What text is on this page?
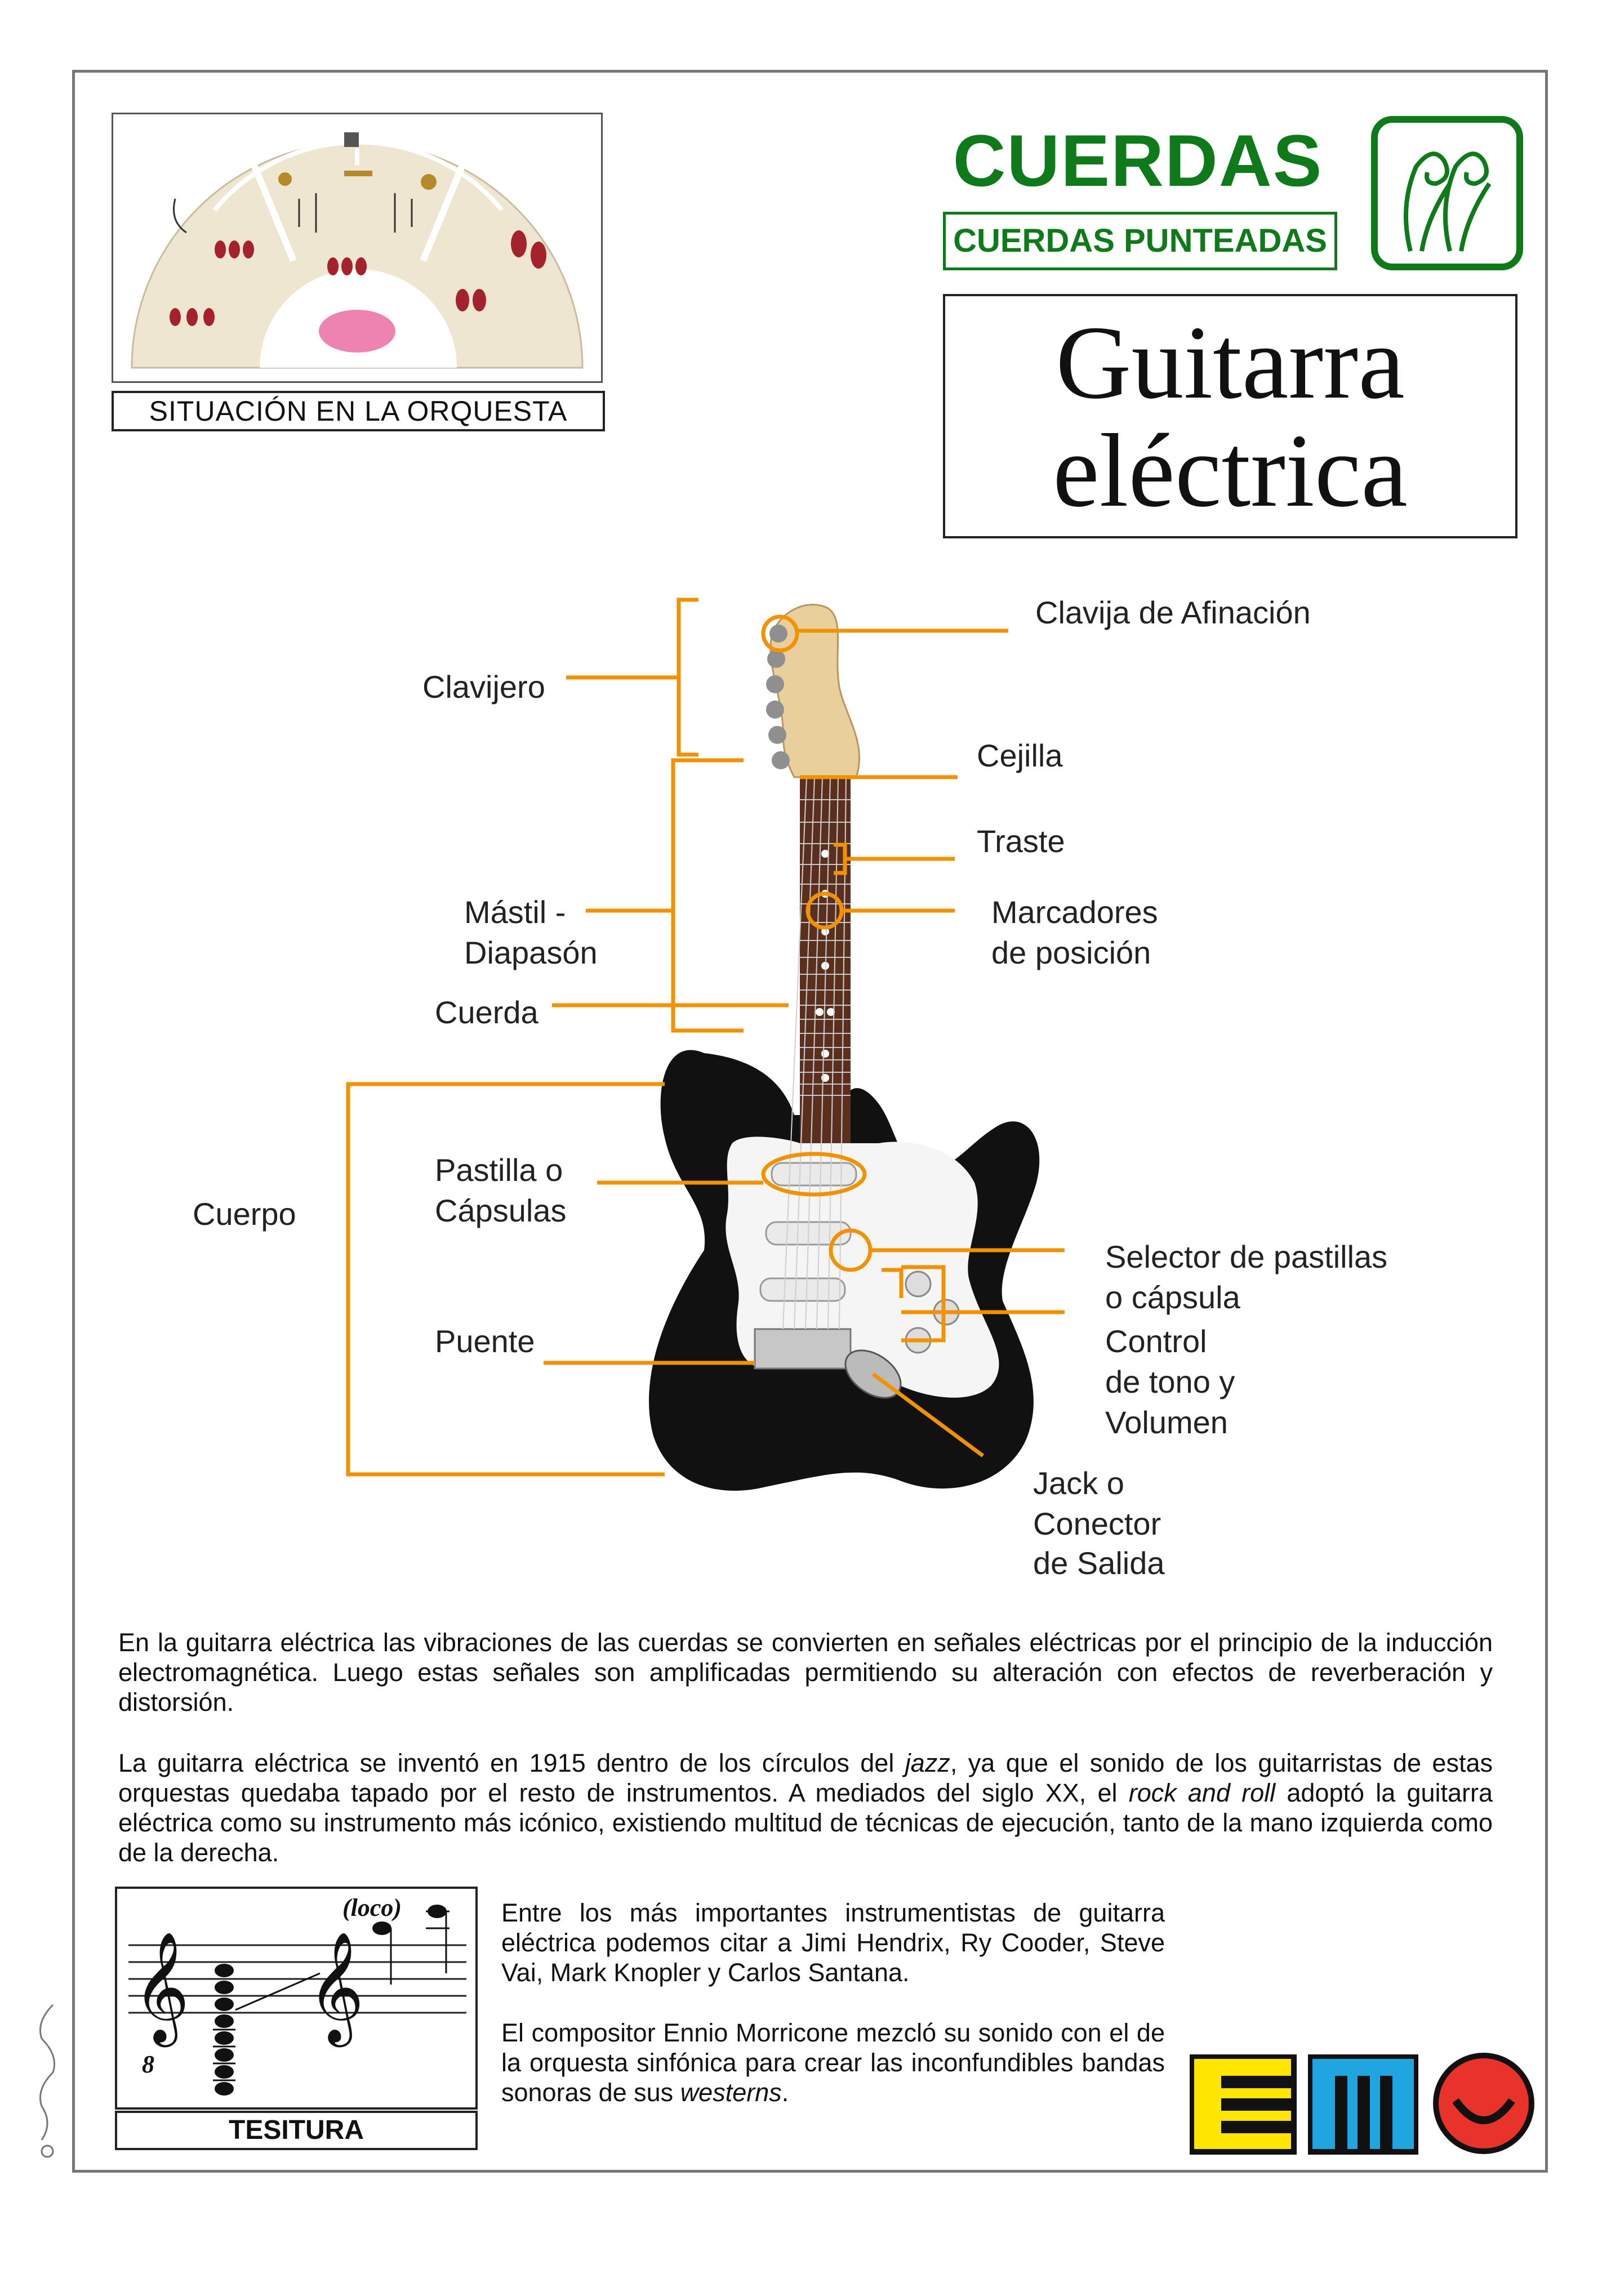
SITUACIÓN EN LA ORQUESTA
CUERDAS
CUERDAS PUNTEADAS
Guitarra
eléctrica
Clavija de Afinación
Clavijero
Cejilla
Traste
Mástil -
Diapasón
Marcadores
de posición
Cuerda
Cuerpo
Pastilla o
Cápsulas
Selector de pastillas
o cápsula
Control
de tono y
Volumen
Puente
Jack o
Conector
de Salida

En la guitarra eléctrica las vibraciones de las cuerdas se convierten en señales eléctricas por el principio de la inducción electromagnética. Luego estas señales son amplificadas permitiendo su alteración con efectos de reverberación y distorsión.

La guitarra eléctrica se inventó en 1915 dentro de los círculos del jazz, ya que el sonido de los guitarristas de estas orquestas quedaba tapado por el resto de instrumentos. A mediados del siglo XX, el rock and roll adoptó la guitarra eléctrica como su instrumento más icónico, existiendo multitud de técnicas de ejecución, tanto de la mano izquierda como de la derecha.

𝄞 𝄞
8
(loco)
TESITURA

Entre los más importantes instrumentistas de guitarra eléctrica podemos citar a Jimi Hendrix, Ry Cooder, Steve Vai, Mark Knopler y Carlos Santana.

El compositor Ennio Morricone mezcló su sonido con el de la orquesta sinfónica para crear las inconfundibles bandas sonoras de sus westerns.
